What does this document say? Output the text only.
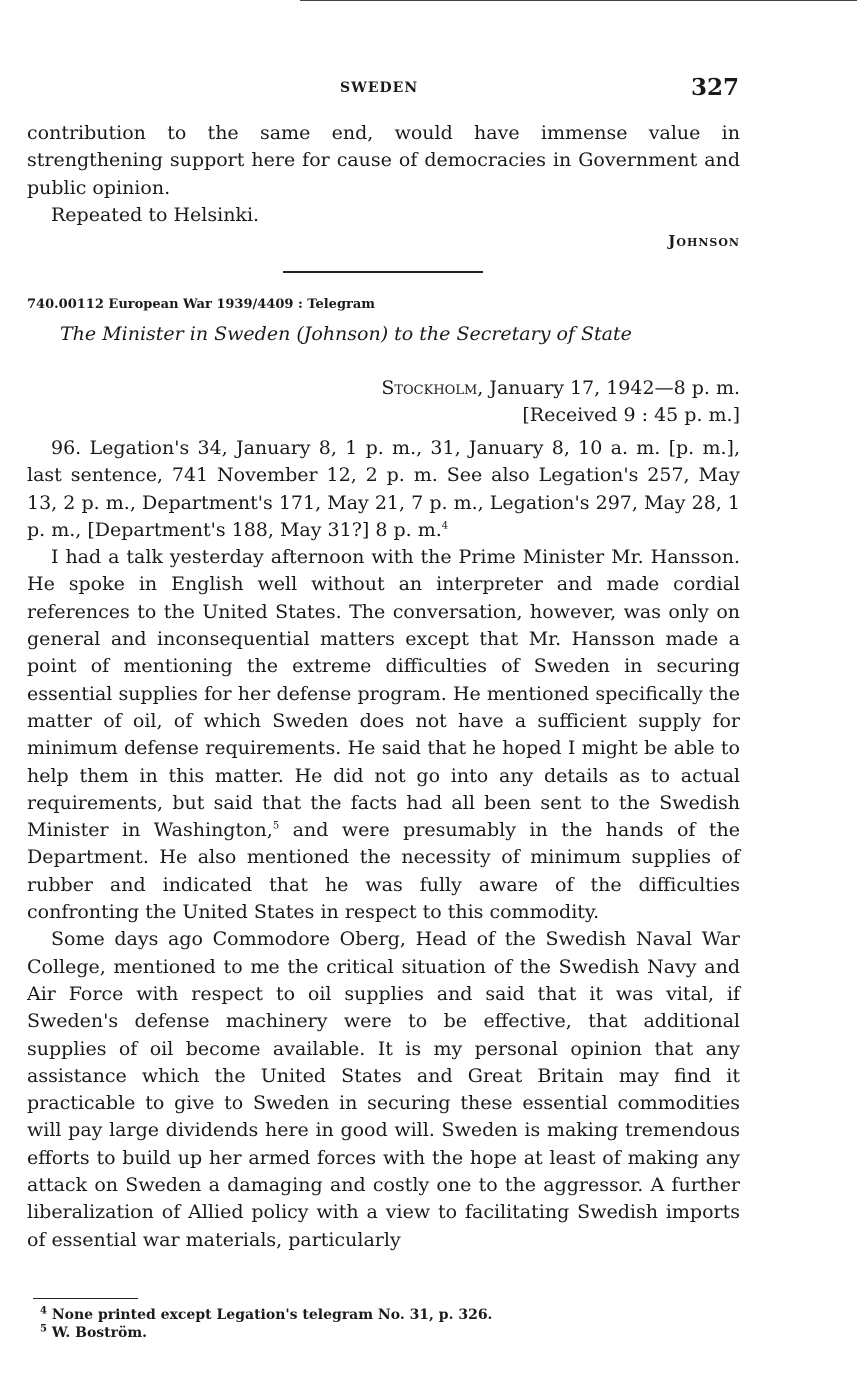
SWEDEN	327

contribution to the same end, would have immense value in strengthening support here for cause of democracies in Government and public opinion.

Repeated to Helsinki.

Johnson
740.00112 European War 1939/4409 : Telegram
The Minister in Sweden (Johnson) to the Secretary of State
Stockholm, January 17, 1942—8 p. m.
[Received 9 : 45 p. m.]

96. Legation's 34, January 8, 1 p. m., 31, January 8, 10 a. m. [p. m.], last sentence, 741 November 12, 2 p. m. See also Legation's 257, May 13, 2 p. m., Department's 171, May 21, 7 p. m., Legation's 297, May 28, 1 p. m., [Department's 188, May 31?] 8 p. m.$^4$

I had a talk yesterday afternoon with the Prime Minister Mr. Hansson. He spoke in English well without an interpreter and made cordial references to the United States. The conversation, however, was only on general and inconsequential matters except that Mr. Hansson made a point of mentioning the extreme difficulties of Sweden in securing essential supplies for her defense program. He mentioned specifically the matter of oil, of which Sweden does not have a sufficient supply for minimum defense requirements. He said that he hoped I might be able to help them in this matter. He did not go into any details as to actual requirements, but said that the facts had all been sent to the Swedish Minister in Washington,$^5$ and were presumably in the hands of the Department. He also mentioned the necessity of minimum supplies of rubber and indicated that he was fully aware of the difficulties confronting the United States in respect to this commodity.

Some days ago Commodore Oberg, Head of the Swedish Naval War College, mentioned to me the critical situation of the Swedish Navy and Air Force with respect to oil supplies and said that it was vital, if Sweden's defense machinery were to be effective, that additional supplies of oil become available. It is my personal opinion that any assistance which the United States and Great Britain may find it practicable to give to Sweden in securing these essential commodities will pay large dividends here in good will. Sweden is making tremendous efforts to build up her armed forces with the hope at least of making any attack on Sweden a damaging and costly one to the aggressor. A further liberalization of Allied policy with a view to facilitating Swedish imports of essential war materials, particularly

$^4$ None printed except Legation's telegram No. 31, p. 326.
$^5$ W. Boström.
